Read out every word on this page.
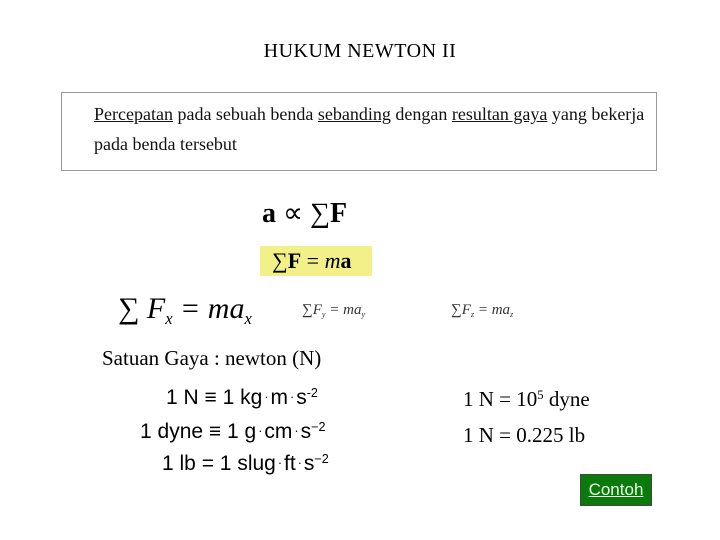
HUKUM NEWTON II
Percepatan pada sebuah benda sebanding dengan resultan gaya yang bekerja pada benda tersebut
a ∝ ∑F
∑F = ma
∑ $F_x = ma_x$	$\sum F_y = ma_y$	$\sum F_z = ma_z$
Satuan Gaya : newton (N)
1 N ≡ 1 kg $\cdot m \cdot s^{-2}$
1 dyne ≡ 1 $g \cdot cm \cdot s^{-2}$
1 lb = 1 slug $\cdot ft \cdot s^{-2}$
1 $N = 10^5$ dyne
1 N = 0.225 lb
Contoh
